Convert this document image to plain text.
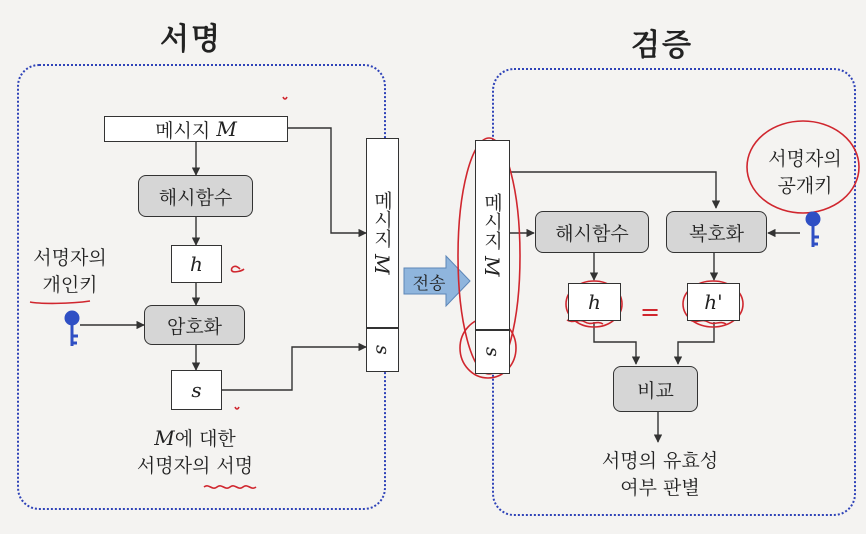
서명	검증
메시지
M
해시함수
h
암호화
s
서명자의
개인키
M에 대한
서명자의 서명
메시지 M
s
전송
메시지 M
s
해시함수	복호화
서명자의
공개키
h	h'
=
비교
서명의 유효성
여부 판별
